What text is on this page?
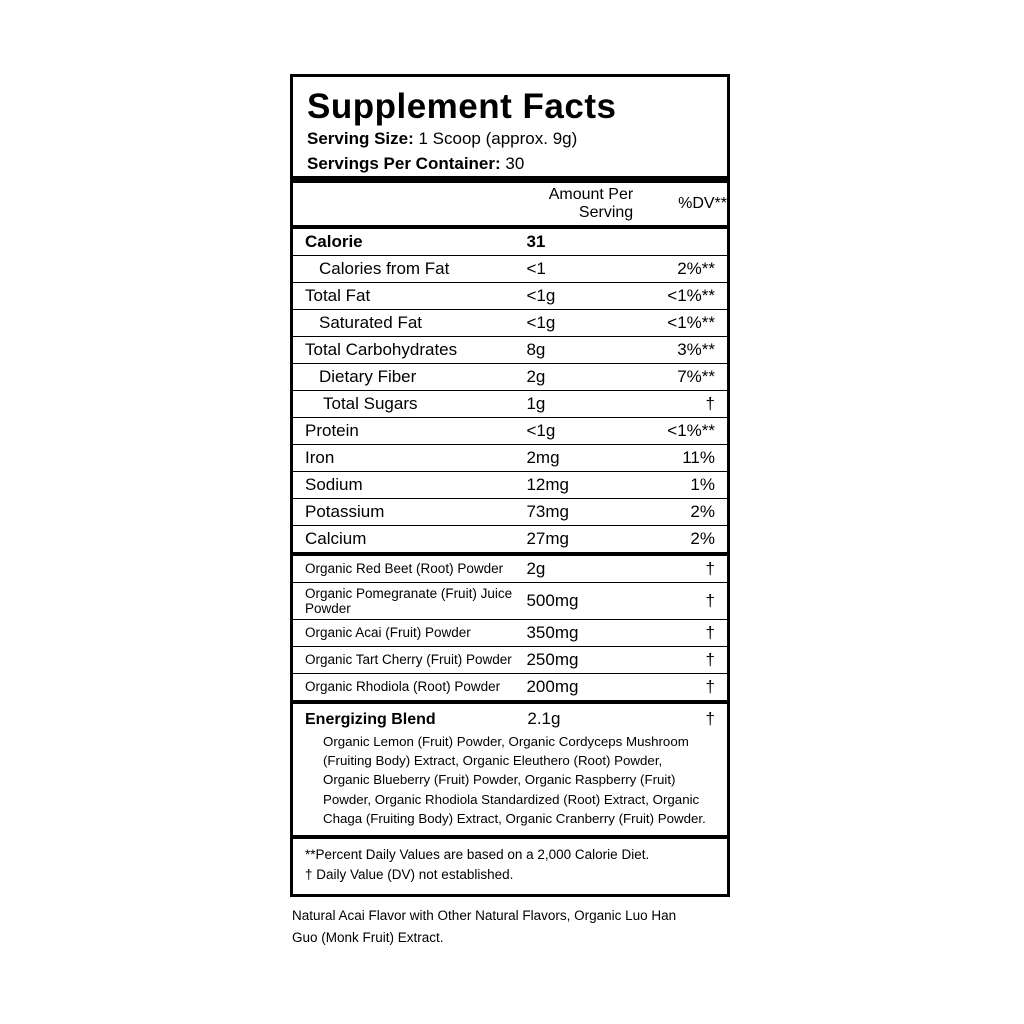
Supplement Facts
Serving Size: 1 Scoop (approx. 9g)
Servings Per Container: 30
	Amount Per Serving	%DV**
Calorie	31	
Calories from Fat	<1	2%**
Total Fat	<1g	<1%**
Saturated Fat	<1g	<1%**
Total Carbohydrates	8g	3%**
Dietary Fiber	2g	7%**
Total Sugars	1g	†
Protein	<1g	<1%**
Iron	2mg	11%
Sodium	12mg	1%
Potassium	73mg	2%
Calcium	27mg	2%
Organic Red Beet (Root) Powder	2g	†
Organic Pomegranate (Fruit) Juice Powder	500mg	†
Organic Acai (Fruit) Powder	350mg	†
Organic Tart Cherry (Fruit) Powder	250mg	†
Organic Rhodiola (Root) Powder	200mg	†
Energizing Blend	2.1g	†
Organic Lemon (Fruit) Powder, Organic Cordyceps Mushroom (Fruiting Body) Extract, Organic Eleuthero (Root) Powder, Organic Blueberry (Fruit) Powder, Organic Raspberry (Fruit) Powder, Organic Rhodiola Standardized (Root) Extract, Organic Chaga (Fruiting Body) Extract, Organic Cranberry (Fruit) Powder.
**Percent Daily Values are based on a 2,000 Calorie Diet.
† Daily Value (DV) not established.
Natural Acai Flavor with Other Natural Flavors, Organic Luo Han Guo (Monk Fruit) Extract.
